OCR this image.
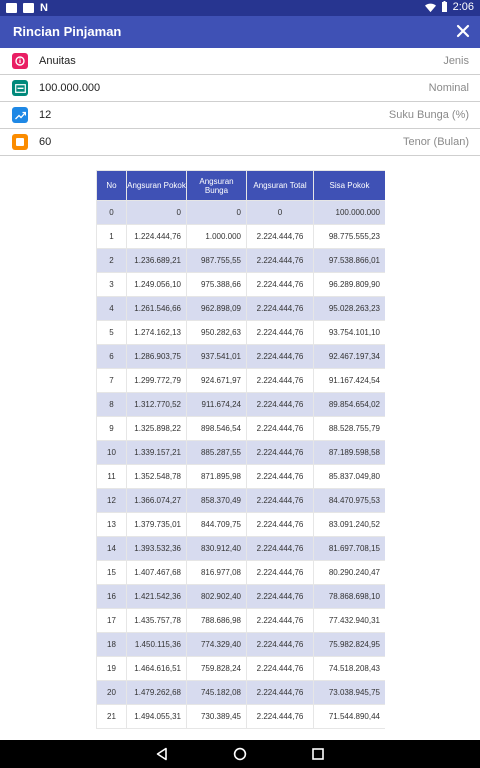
N	2:06
Rincian Pinjaman
Anuitas	Jenis
100.000.000	Nominal
12	Suku Bunga (%)
60	Tenor (Bulan)
No	Angsuran Pokok	Angsuran Bunga	Angsuran Total	Sisa Pokok
0	0	0	0	100.000.000
1	1.224.444,76	1.000.000	2.224.444,76	98.775.555,23
2	1.236.689,21	987.755,55	2.224.444,76	97.538.866,01
3	1.249.056,10	975.388,66	2.224.444,76	96.289.809,90
4	1.261.546,66	962.898,09	2.224.444,76	95.028.263,23
5	1.274.162,13	950.282,63	2.224.444,76	93.754.101,10
6	1.286.903,75	937.541,01	2.224.444,76	92.467.197,34
7	1.299.772,79	924.671,97	2.224.444,76	91.167.424,54
8	1.312.770,52	911.674,24	2.224.444,76	89.854.654,02
9	1.325.898,22	898.546,54	2.224.444,76	88.528.755,79
10	1.339.157,21	885.287,55	2.224.444,76	87.189.598,58
11	1.352.548,78	871.895,98	2.224.444,76	85.837.049,80
12	1.366.074,27	858.370,49	2.224.444,76	84.470.975,53
13	1.379.735,01	844.709,75	2.224.444,76	83.091.240,52
14	1.393.532,36	830.912,40	2.224.444,76	81.697.708,15
15	1.407.467,68	816.977,08	2.224.444,76	80.290.240,47
16	1.421.542,36	802.902,40	2.224.444,76	78.868.698,10
17	1.435.757,78	788.686,98	2.224.444,76	77.432.940,31
18	1.450.115,36	774.329,40	2.224.444,76	75.982.824,95
19	1.464.616,51	759.828,24	2.224.444,76	74.518.208,43
20	1.479.262,68	745.182,08	2.224.444,76	73.038.945,75
21	1.494.055,31	730.389,45	2.224.444,76	71.544.890,44
